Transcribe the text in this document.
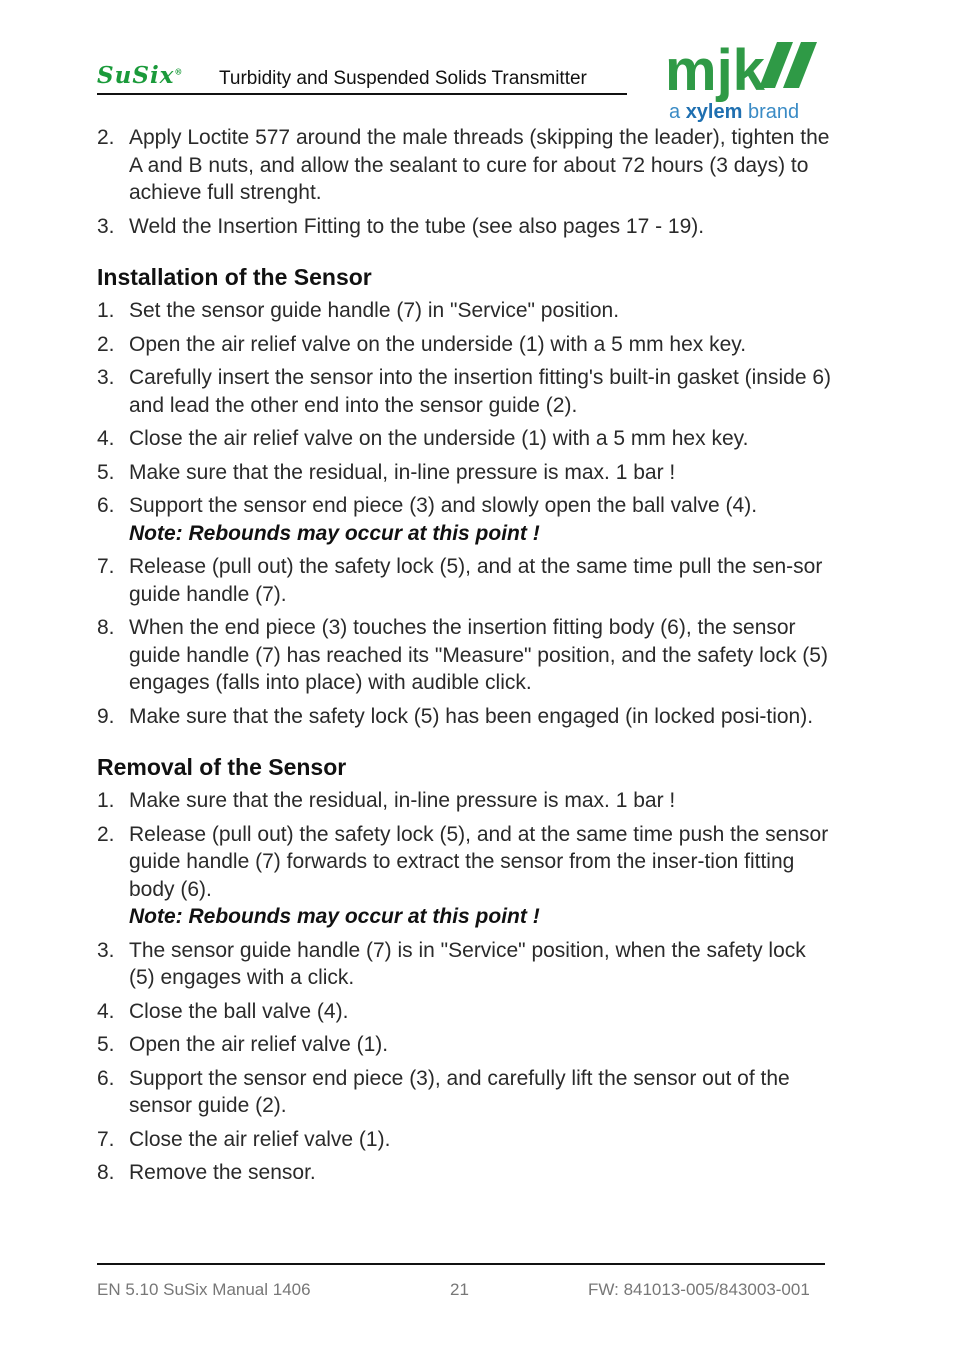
SuSix® Turbidity and Suspended Solids Transmitter mjk
a xylem brand
2. Apply Loctite 577 around the male threads (skipping the leader), tighten the A and B nuts, and allow the sealant to cure for about 72 hours (3 days) to achieve full strenght.
3. Weld the Insertion Fitting to the tube (see also pages 17 - 19).
Installation of the Sensor
1. Set the sensor guide handle (7) in "Service" position.
2. Open the air relief valve on the underside (1) with a 5 mm hex key.
3. Carefully insert the sensor into the insertion fitting's built-in gasket (inside 6) and lead the other end into the sensor guide (2).
4. Close the air relief valve on the underside (1) with a 5 mm hex key.
5. Make sure that the residual, in-line pressure is max. 1 bar !
6. Support the sensor end piece (3) and slowly open the ball valve (4).
Note: Rebounds may occur at this point !
7. Release (pull out) the safety lock (5), and at the same time pull the sen-sor guide handle (7).
8. When the end piece (3) touches the insertion fitting body (6), the sensor guide handle (7) has reached its "Measure" position, and the safety lock (5) engages (falls into place) with audible click.
9. Make sure that the safety lock (5) has been engaged (in locked posi-tion).
Removal of the Sensor
1. Make sure that the residual, in-line pressure is max. 1 bar !
2. Release (pull out) the safety lock (5), and at the same time push the sensor guide handle (7) forwards to extract the sensor from the inser-tion fitting body (6).
Note: Rebounds may occur at this point !
3. The sensor guide handle (7) is in "Service" position, when the safety lock (5) engages with a click.
4. Close the ball valve (4).
5. Open the air relief valve (1).
6. Support the sensor end piece (3), and carefully lift the sensor out of the sensor guide (2).
7. Close the air relief valve (1).
8. Remove the sensor.
EN 5.10 SuSix Manual 1406	21	FW: 841013-005/843003-001
